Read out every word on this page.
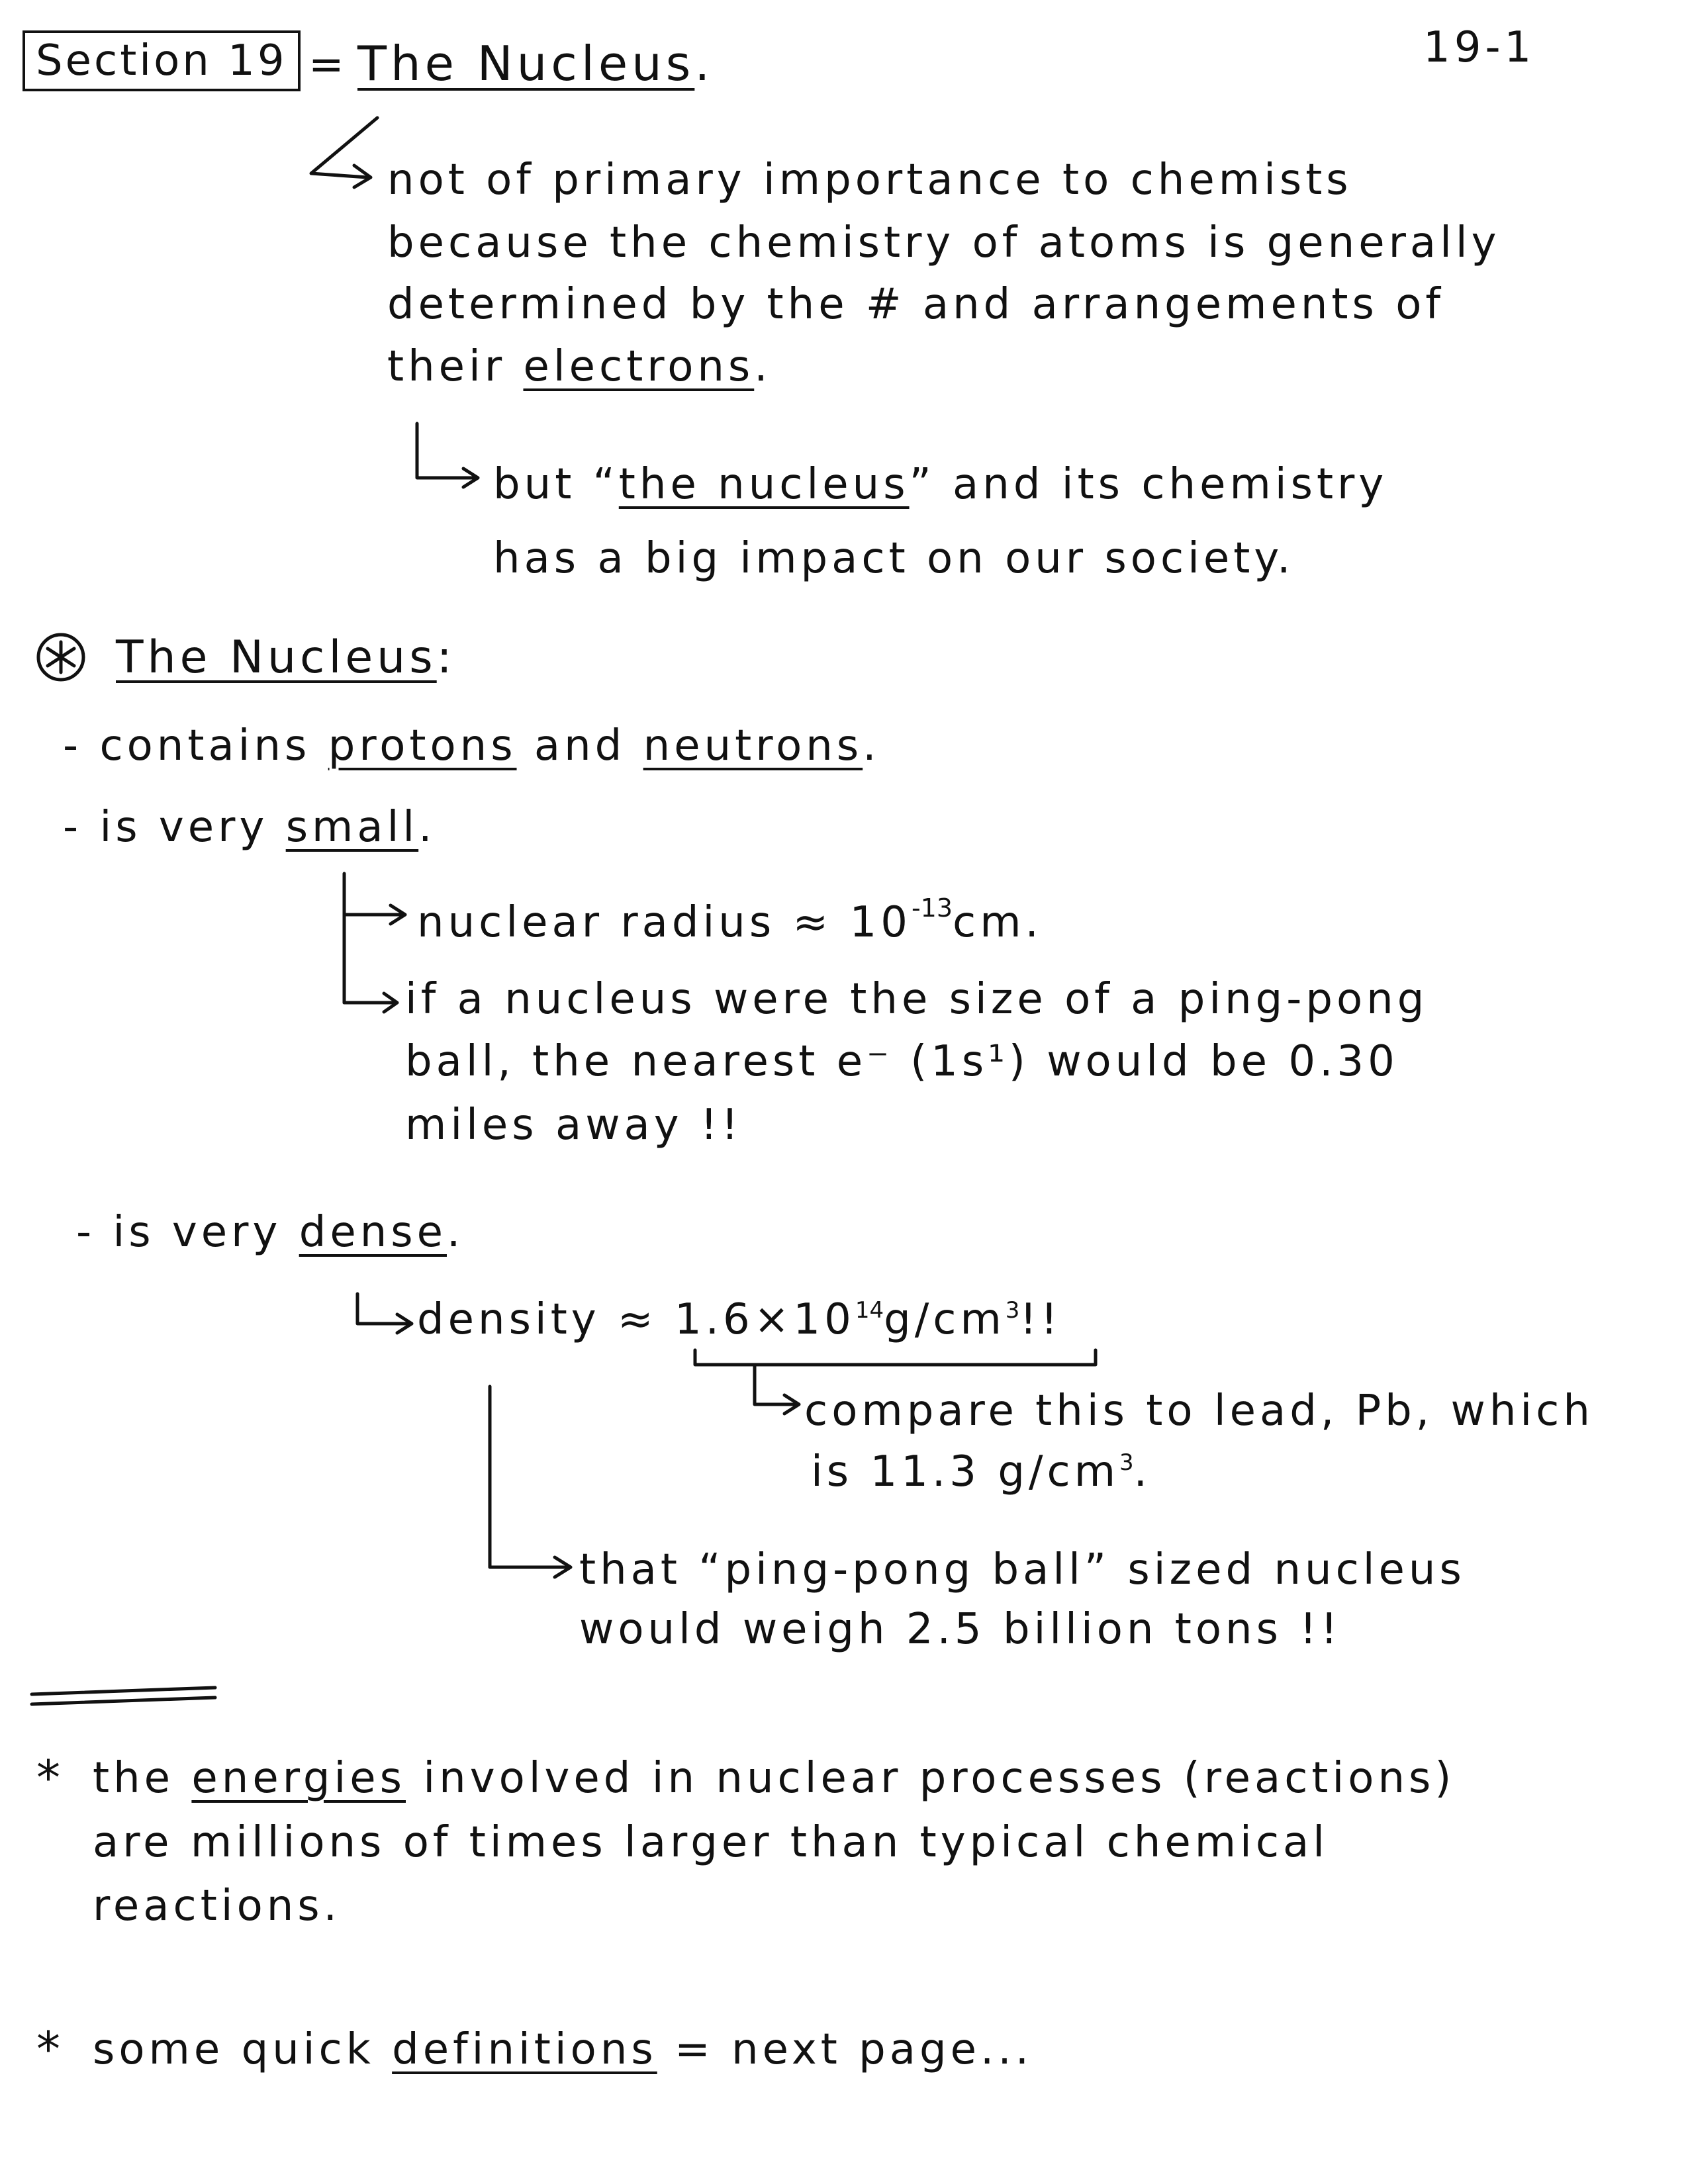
Section 19 = The Nucleus.	19-1
not of primary importance to chemists
because the chemistry of atoms is generally
determined by the # and arrangements of
their electrons.
but “the nucleus” and its chemistry
has a big impact on our society.
The Nucleus:
- contains protons and neutrons.
- is very small.
nuclear radius ≈ $10^{-13}cm$.
if a nucleus were the size of a ping-pong
ball, the nearest e⁻ (1s¹) would be 0.30
miles away !!
- is very dense.
density ≈ $1.6\times 10^{14}g/cm^3$!!
compare this to lead, Pb, which
is 11.3 $g/cm^3$.
that “ping-pong ball” sized nucleus
would weigh 2.5 billion tons !!
* the energies involved in nuclear processes (reactions)
are millions of times larger than typical chemical
reactions.
* some quick definitions = next page...
